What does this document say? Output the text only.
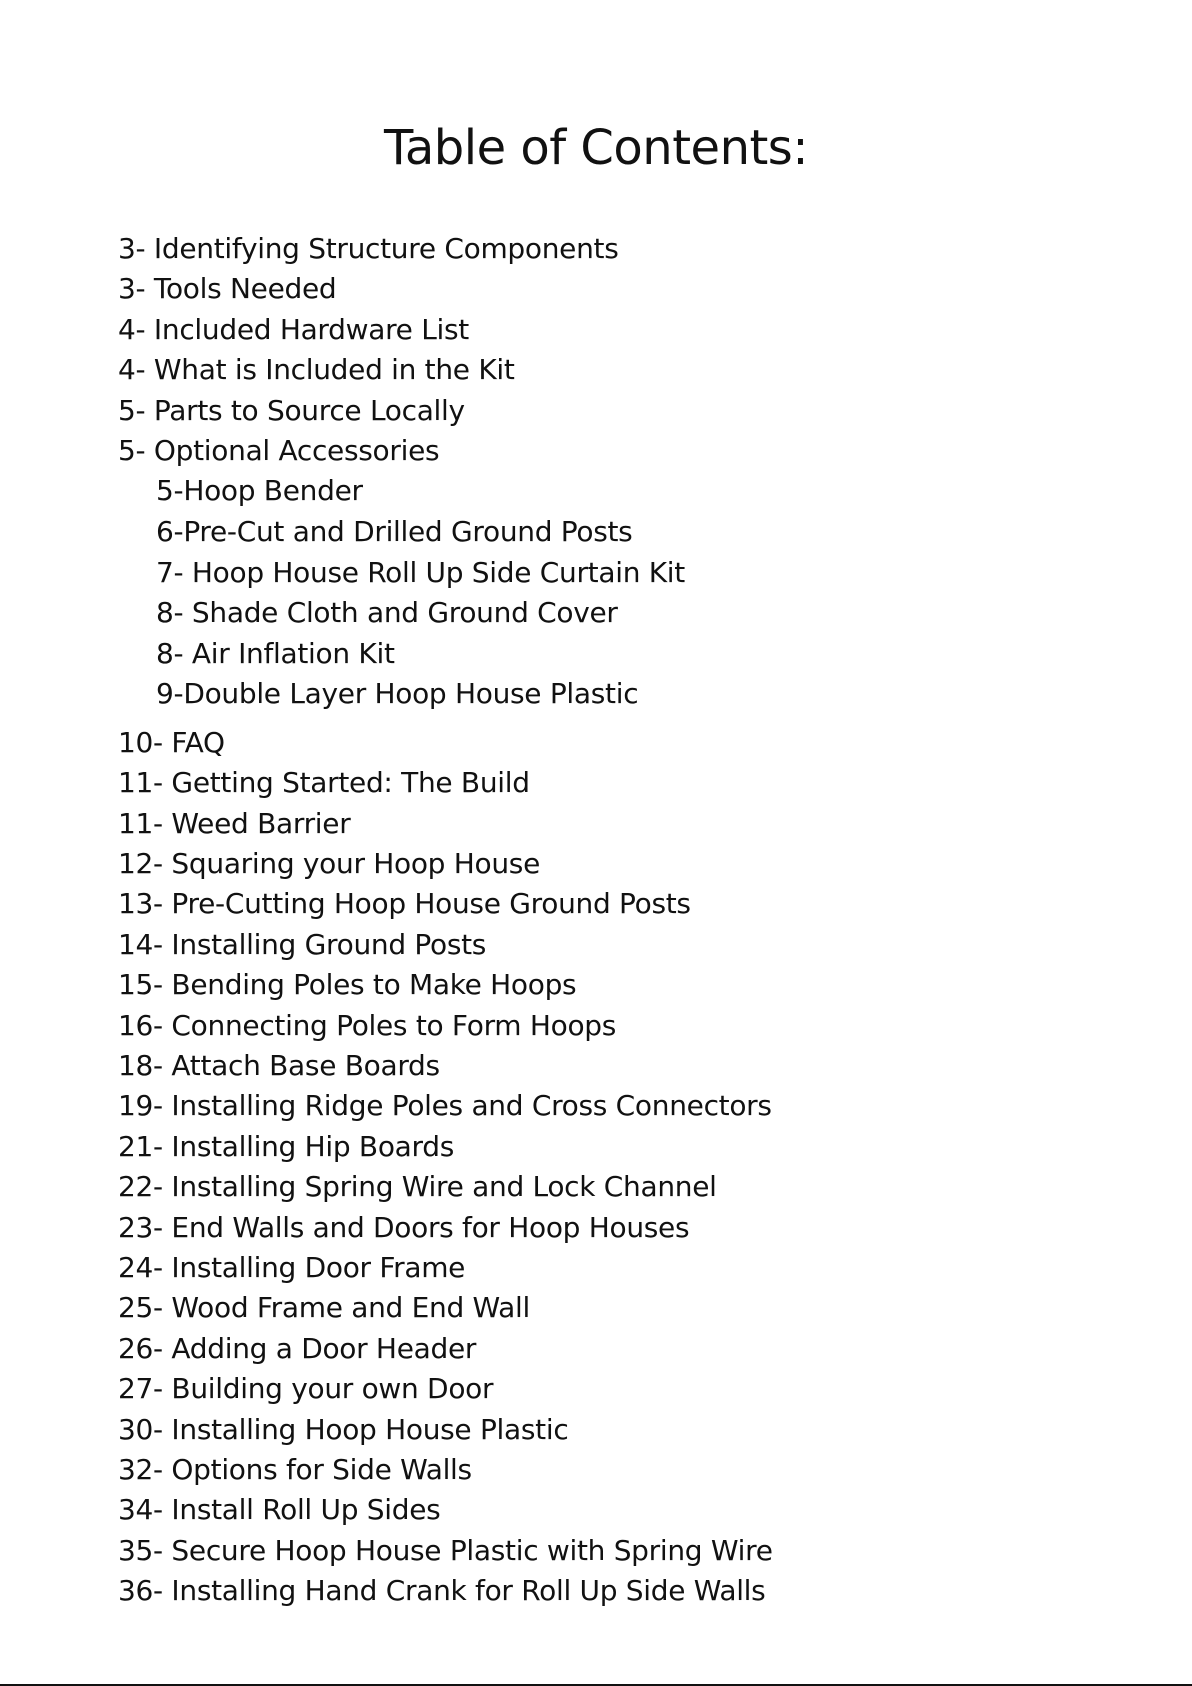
Table of Contents:
3- Identifying Structure Components
3- Tools Needed
4- Included Hardware List
4- What is Included in the Kit
5- Parts to Source Locally
5- Optional Accessories
5-Hoop Bender
6-Pre-Cut and Drilled Ground Posts
7- Hoop House Roll Up Side Curtain Kit
8- Shade Cloth and Ground Cover
8- Air Inflation Kit
9-Double Layer Hoop House Plastic
10- FAQ
11- Getting Started: The Build
11- Weed Barrier
12- Squaring your Hoop House
13- Pre-Cutting Hoop House Ground Posts
14- Installing Ground Posts
15- Bending Poles to Make Hoops
16- Connecting Poles to Form Hoops
18- Attach Base Boards
19- Installing Ridge Poles and Cross Connectors
21- Installing Hip Boards
22- Installing Spring Wire and Lock Channel
23- End Walls and Doors for Hoop Houses
24- Installing Door Frame
25- Wood Frame and End Wall
26- Adding a Door Header
27- Building your own Door
30- Installing Hoop House Plastic
32- Options for Side Walls
34- Install Roll Up Sides
35- Secure Hoop House Plastic with Spring Wire
36- Installing Hand Crank for Roll Up Side Walls
